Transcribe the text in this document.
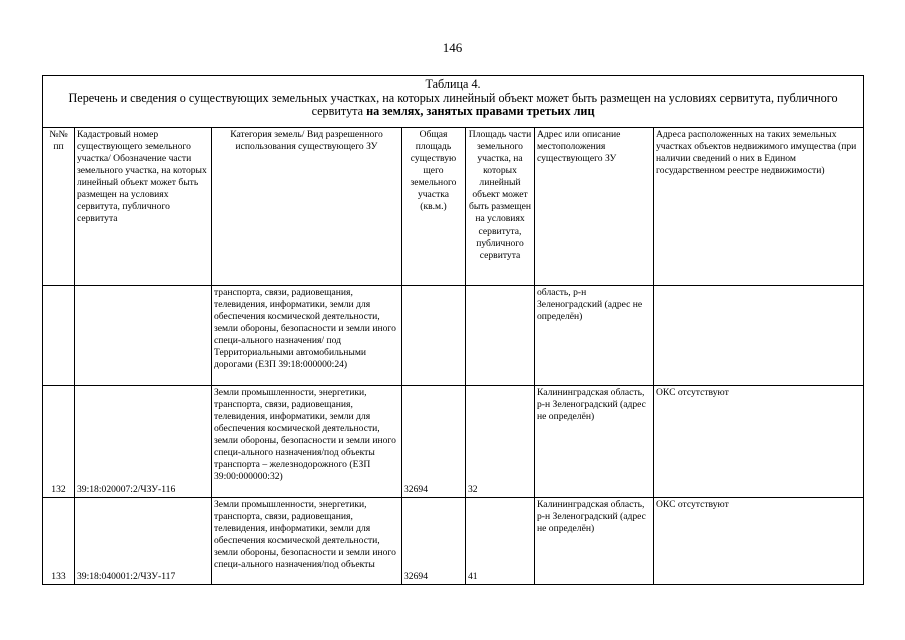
146
Таблица 4.
Перечень и сведения о существующих земельных участках, на которых линейный объект может быть размещен на условиях сервитута, публичного сервитута на землях, занятых правами третьих лиц						
№№ пп	Кадастровый номер существующего земельного участка/ Обозначение части земельного участка, на которых линейный объект может быть размещен на условиях сервитута, публичного сервитута	Категория земель/ Вид разрешенного использования существующего ЗУ	Общая площадь существую щего земельного участка (кв.м.)	Площадь части земельного участка, на которых линейный объект может быть размещен на условиях сервитута, публичного сервитута	Адрес или описание местоположения существующего ЗУ	Адреса расположенных на таких земельных участках объектов недвижимого имущества (при наличии сведений о них в Едином государственном реестре недвижимости)
		транспорта, связи, радиовещания, телевидения, информатики, земли для обеспечения космической деятельности, земли обороны, безопасности и земли иного специ-ального назначения/ под Территориальными автомобильными дорогами (ЕЗП 39:18:000000:24)			область, р-н Зеленоградский (адрес не определён)	
132	39:18:020007:2/ЧЗУ-116	Земли промышленности, энергетики, транспорта, связи, радиовещания, телевидения, информатики, земли для обеспечения космической деятельности, земли обороны, безопасности и земли иного специ-ального назначения/под объекты транспорта – железнодорожного (ЕЗП 39:00:000000:32)	32694	32	Калининградская область, р-н Зеленоградский (адрес не определён)	ОКС отсутствуют
133	39:18:040001:2/ЧЗУ-117	Земли промышленности, энергетики, транспорта, связи, радиовещания, телевидения, информатики, земли для обеспечения космической деятельности, земли обороны, безопасности и земли иного специ-ального назначения/под объекты	32694	41	Калининградская область, р-н Зеленоградский (адрес не определён)	ОКС отсутствуют
